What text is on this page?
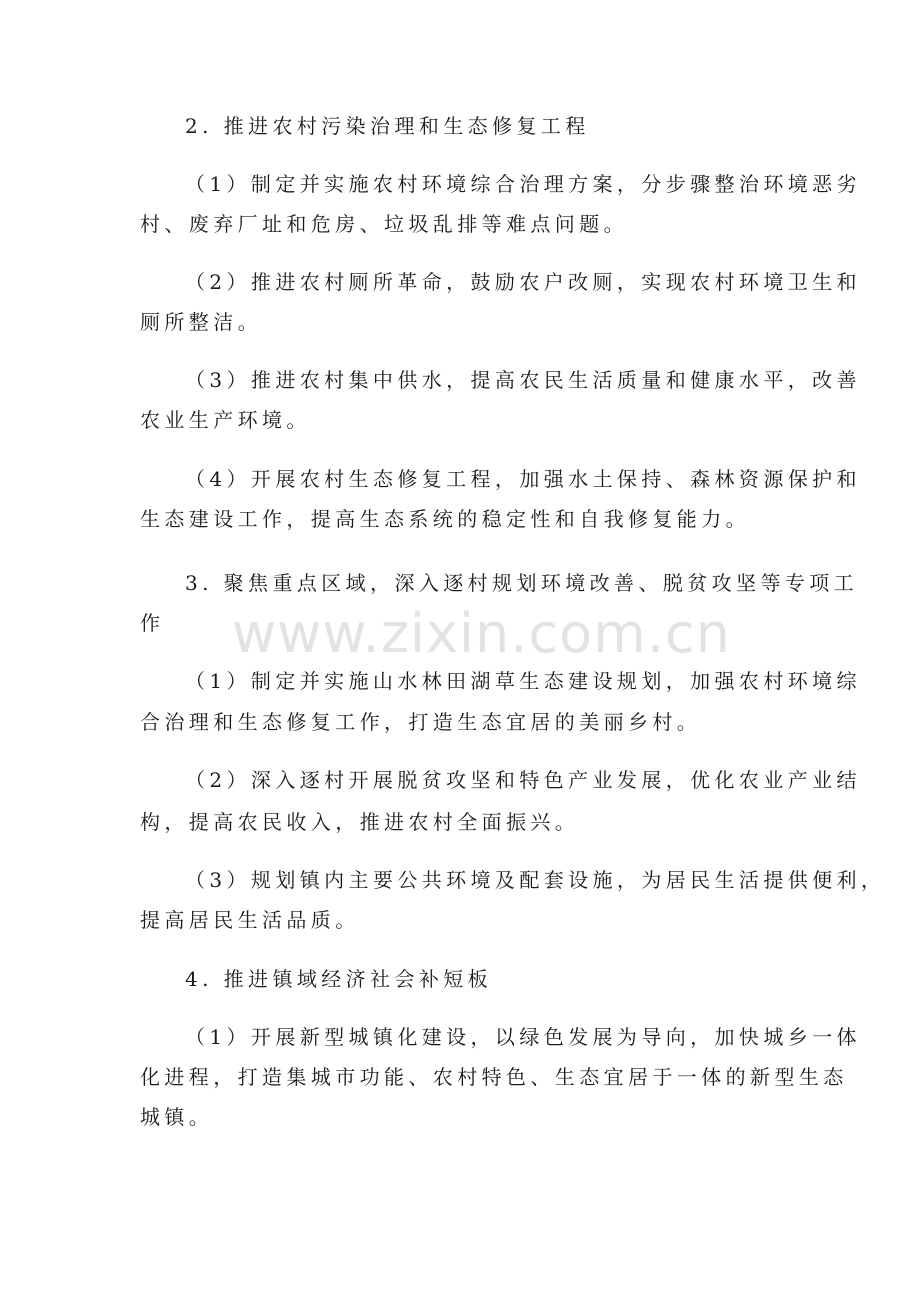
2. 推进农村污染治理和生态修复工程
（1）制定并实施农村环境综合治理方案，分步骤整治环境恶劣
村、废弃厂址和危房、垃圾乱排等难点问题。
（2）推进农村厕所革命，鼓励农户改厕，实现农村环境卫生和
厕所整洁。
（3）推进农村集中供水，提高农民生活质量和健康水平，改善
农业生产环境。
（4）开展农村生态修复工程，加强水土保持、森林资源保护和
生态建设工作，提高生态系统的稳定性和自我修复能力。
3. 聚焦重点区域，深入逐村规划环境改善、脱贫攻坚等专项工
作
（1）制定并实施山水林田湖草生态建设规划，加强农村环境综
合治理和生态修复工作，打造生态宜居的美丽乡村。
（2）深入逐村开展脱贫攻坚和特色产业发展，优化农业产业结
构，提高农民收入，推进农村全面振兴。
（3）规划镇内主要公共环境及配套设施，为居民生活提供便利，
提高居民生活品质。
4. 推进镇域经济社会补短板
（1）开展新型城镇化建设，以绿色发展为导向，加快城乡一体
化进程，打造集城市功能、农村特色、生态宜居于一体的新型生态
城镇。
www.zixin.com.cn
